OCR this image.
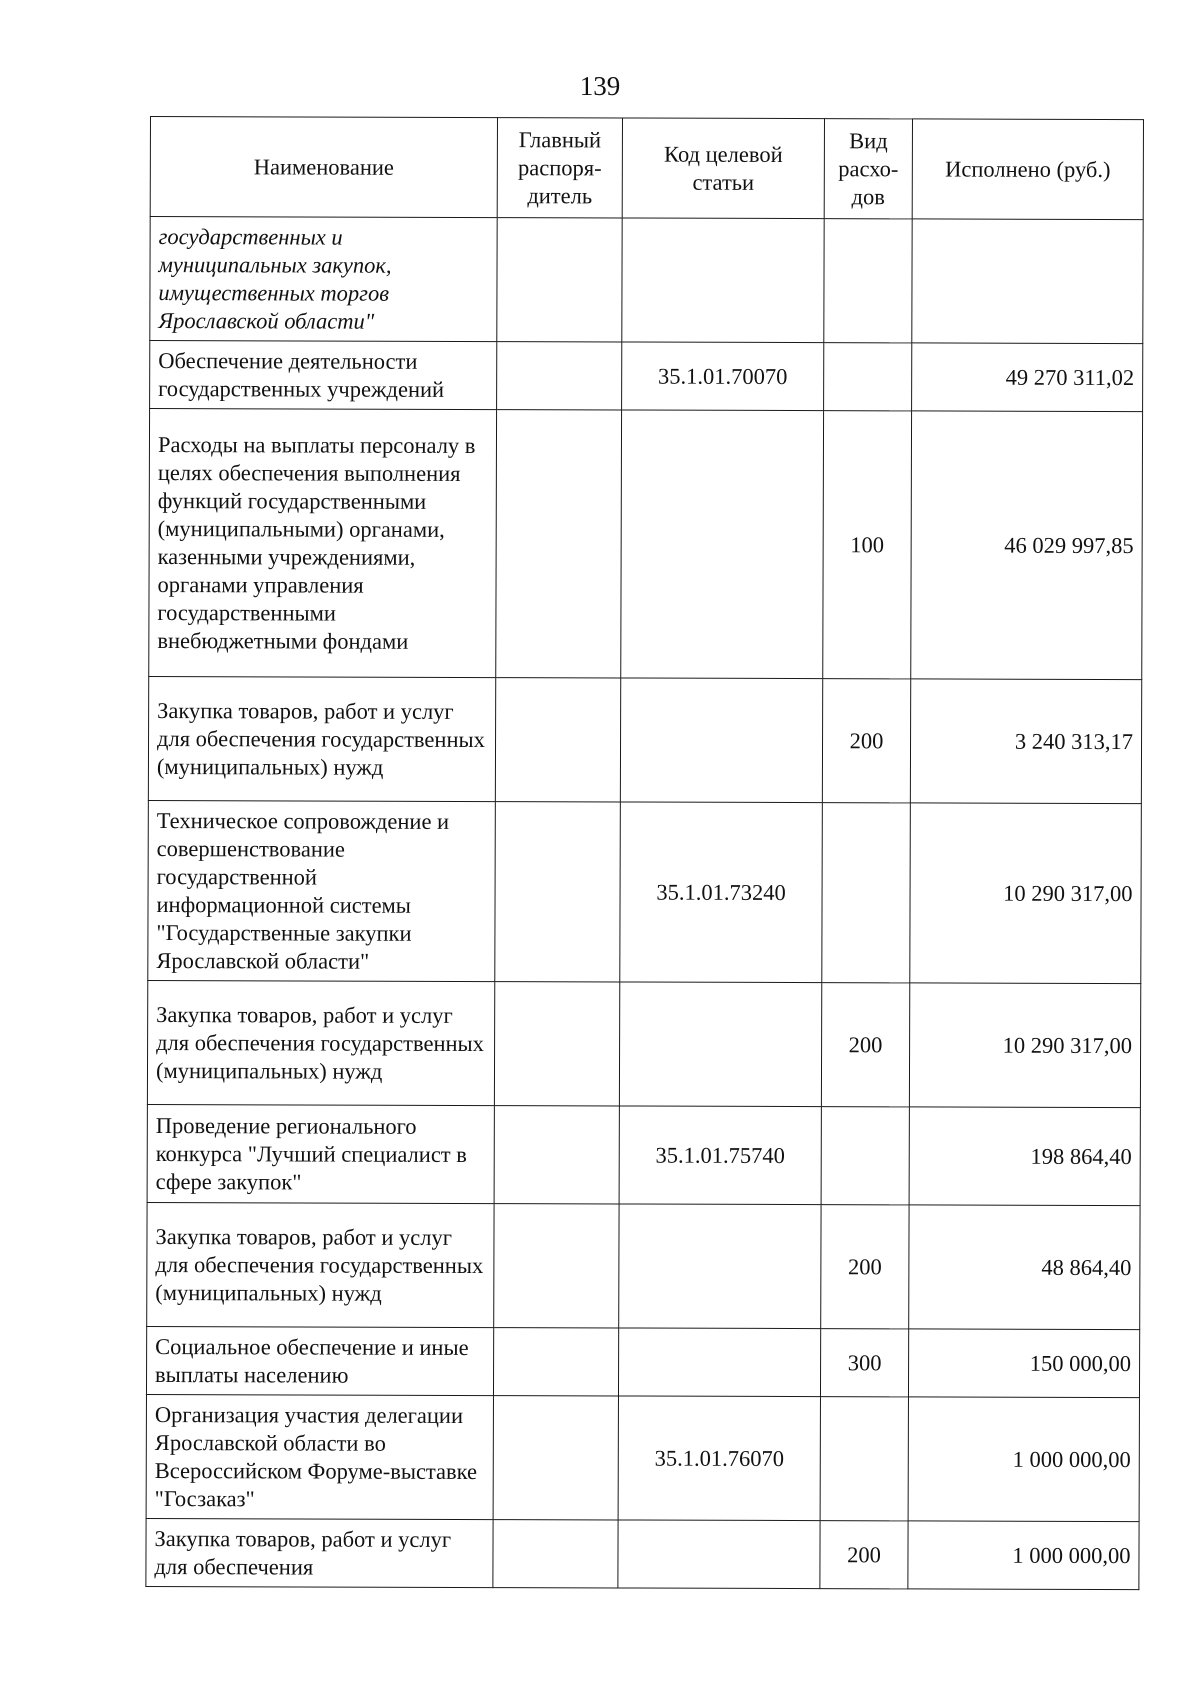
139
Наименование	Главный распоря-дитель	Код целевой статьи	Вид расхо-дов	Исполнено (руб.)
государственных и муниципальных закупок, имущественных торгов Ярославской области"				
Обеспечение деятельности государственных учреждений		35.1.01.70070		49 270 311,02
Расходы на выплаты персоналу в целях обеспечения выполнения функций государственными (муниципальными) органами, казенными учреждениями, органами управления государственными внебюджетными фондами			100	46 029 997,85
Закупка товаров, работ и услуг для обеспечения государственных (муниципальных) нужд			200	3 240 313,17
Техническое сопровождение и совершенствование государственной информационной системы "Государственные закупки Ярославской области"		35.1.01.73240		10 290 317,00
Закупка товаров, работ и услуг для обеспечения государственных (муниципальных) нужд			200	10 290 317,00
Проведение регионального конкурса "Лучший специалист в сфере закупок"		35.1.01.75740		198 864,40
Закупка товаров, работ и услуг для обеспечения государственных (муниципальных) нужд			200	48 864,40
Социальное обеспечение и иные выплаты населению			300	150 000,00
Организация участия делегации Ярославской области во Всероссийском Форуме-выставке "Госзаказ"		35.1.01.76070		1 000 000,00
Закупка товаров, работ и услуг для обеспечения			200	1 000 000,00
